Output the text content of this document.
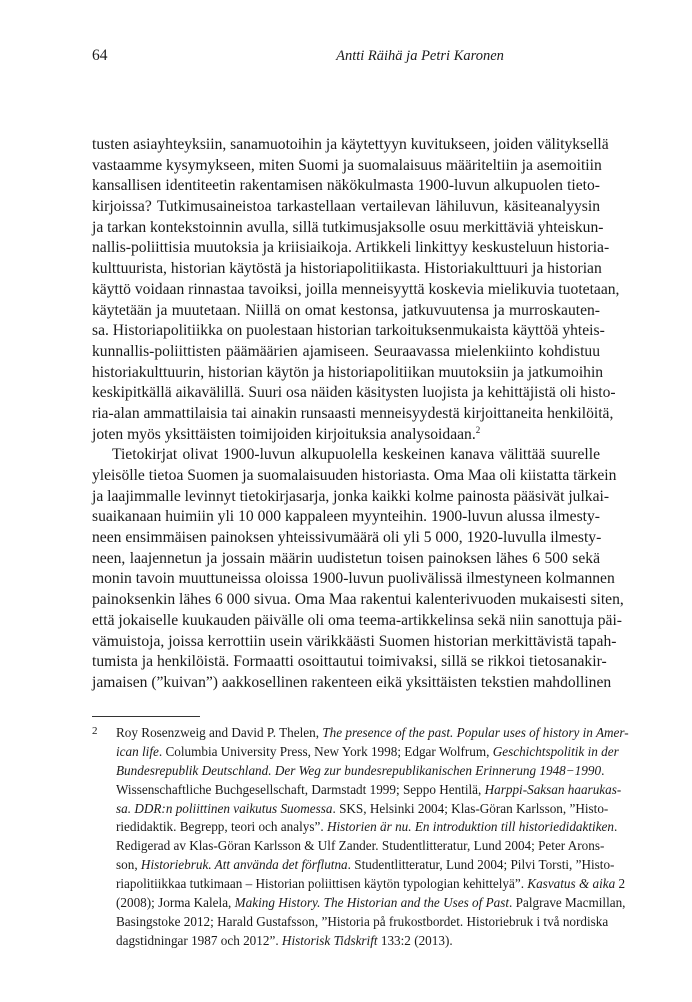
64	Antti Räihä ja Petri Karonen
tusten asiayhteyksiin, sanamuotoihin ja käytettyyn kuvitukseen, joiden välityksellä
vastaamme kysymykseen, miten Suomi ja suomalaisuus määriteltiin ja asemoitiin
kansallisen identiteetin rakentamisen näkökulmasta 1900-luvun alkupuolen tieto-
kirjoissa? Tutkimusaineistoa tarkastellaan vertailevan lähiluvun, käsiteanalyysin
ja tarkan kontekstoinnin avulla, sillä tutkimusjaksolle osuu merkittäviä yhteiskun-
nallis-poliittisia muutoksia ja kriisiaikoja. Artikkeli linkittyy keskusteluun historia-
kulttuurista, historian käytöstä ja historiapolitiikasta. Historiakulttuuri ja historian
käyttö voidaan rinnastaa tavoiksi, joilla menneisyyttä koskevia mielikuvia tuotetaan,
käytetään ja muutetaan. Niillä on omat kestonsa, jatkuvuutensa ja murroskauten-
sa. Historiapolitiikka on puolestaan historian tarkoituksenmukaista käyttöä yhteis-
kunnallis-poliittisten päämäärien ajamiseen. Seuraavassa mielenkiinto kohdistuu
historiakulttuurin, historian käytön ja historiapolitiikan muutoksiin ja jatkumoihin
keskipitkällä aikavälillä. Suuri osa näiden käsitysten luojista ja kehittäjistä oli histo-
ria-alan ammattilaisia tai ainakin runsaasti menneisyydestä kirjoittaneita henkilöitä,
joten myös yksittäisten toimijoiden kirjoituksia analysoidaan.$^2$
Tietokirjat olivat 1900-luvun alkupuolella keskeinen kanava välittää suurelle
yleisölle tietoa Suomen ja suomalaisuuden historiasta. Oma Maa oli kiistatta tärkein
ja laajimmalle levinnyt tietokirjasarja, jonka kaikki kolme painosta pääsivät julkai-
suaikanaan huimiin yli 10 000 kappaleen myynteihin. 1900-luvun alussa ilmesty-
neen ensimmäisen painoksen yhteissivumäärä oli yli 5 000, 1920-luvulla ilmesty-
neen, laajennetun ja jossain määrin uudistetun toisen painoksen lähes 6 500 sekä
monin tavoin muuttuneissa oloissa 1900-luvun puolivälissä ilmestyneen kolmannen
painoksenkin lähes 6 000 sivua. Oma Maa rakentui kalenterivuoden mukaisesti siten,
että jokaiselle kuukauden päivälle oli oma teema-artikkelinsa sekä niin sanottuja päi-
vämuistoja, joissa kerrottiin usein värikkäästi Suomen historian merkittävistä tapah-
tumista ja henkilöistä. Formaatti osoittautui toimivaksi, sillä se rikkoi tietosanakir-
jamaisen (”kuivan”) aakkosellinen rakenteen eikä yksittäisten tekstien mahdollinen
2 Roy Rosenzweig and David P. Thelen, The presence of the past. Popular uses of history in Amer-
ican life. Columbia University Press, New York 1998; Edgar Wolfrum, Geschichtspolitik in der
Bundesrepublik Deutschland. Der Weg zur bundesrepublikanischen Erinnerung 1948−1990.
Wissenschaftliche Buchgesellschaft, Darmstadt 1999; Seppo Hentilä, Harppi-Saksan haarukas-
sa. DDR:n poliittinen vaikutus Suomessa. SKS, Helsinki 2004; Klas-Göran Karlsson, ”Histo-
riedidaktik. Begrepp, teori och analys”. Historien är nu. En introduktion till historiedidaktiken.
Redigerad av Klas-Göran Karlsson & Ulf Zander. Studentlitteratur, Lund 2004; Peter Arons-
son, Historiebruk. Att använda det förflutna. Studentlitteratur, Lund 2004; Pilvi Torsti, ”Histo-
riapolitiikkaa tutkimaan – Historian poliittisen käytön typologian kehittelyä”. Kasvatus & aika 2
(2008); Jorma Kalela, Making History. The Historian and the Uses of Past. Palgrave Macmillan,
Basingstoke 2012; Harald Gustafsson, ”Historia på frukostbordet. Historiebruk i två nordiska
dagstidningar 1987 och 2012”. Historisk Tidskrift 133:2 (2013).
